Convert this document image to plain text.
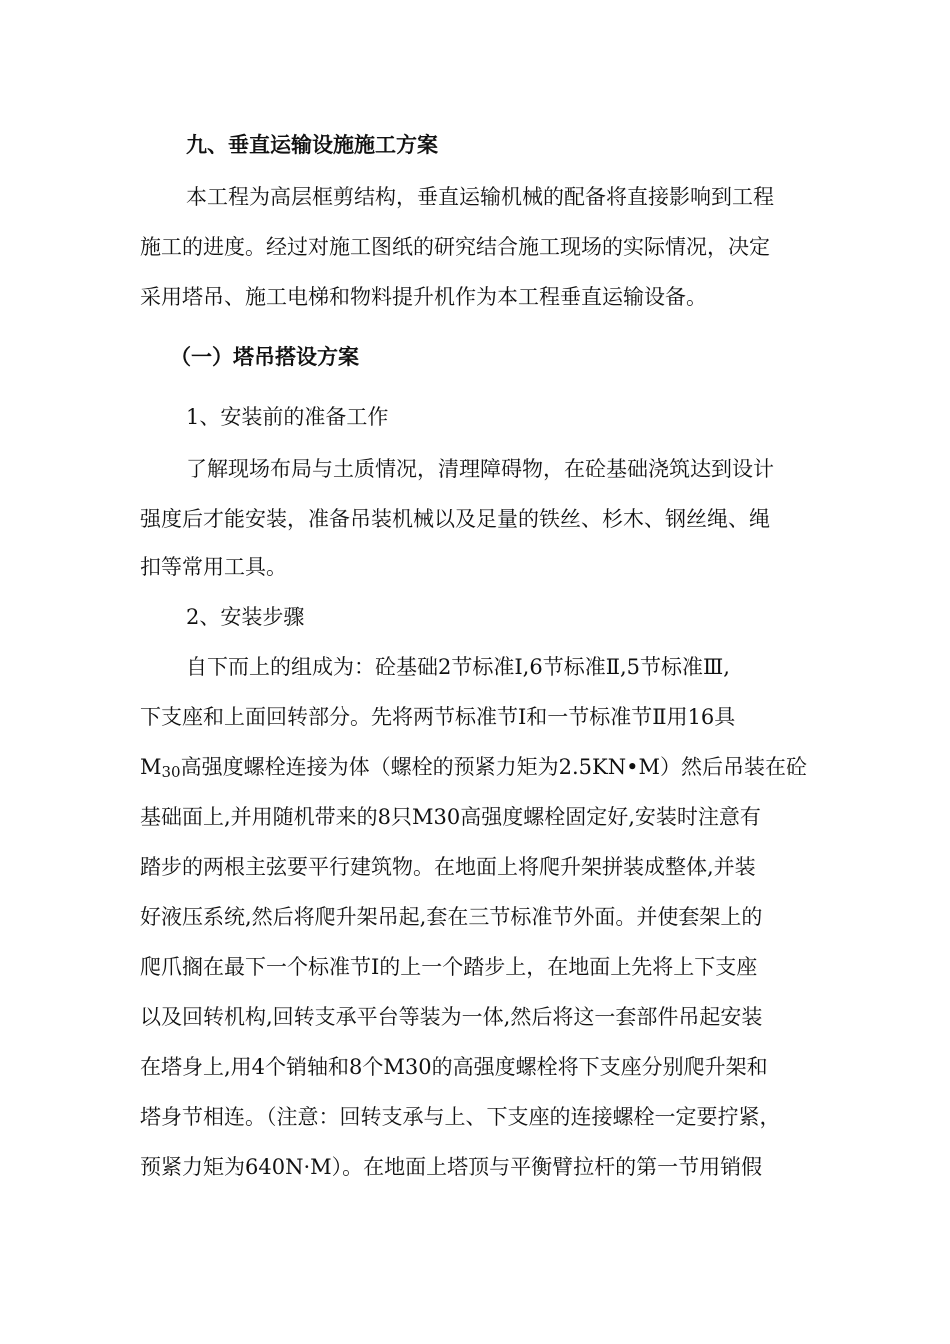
九、垂直运输设施施工方案
本工程为高层框剪结构，垂直运输机械的配备将直接影响到工程
施工的进度。经过对施工图纸的研究结合施工现场的实际情况，决定
采用塔吊、施工电梯和物料提升机作为本工程垂直运输设备。
（一）塔吊搭设方案
1、安装前的准备工作
了解现场布局与土质情况，清理障碍物，在砼基础浇筑达到设计
强度后才能安装，准备吊装机械以及足量的铁丝、杉木、钢丝绳、绳
扣等常用工具。
2、安装步骤
自下而上的组成为：砼基础2节标准Ⅰ,6节标准Ⅱ,5节标准Ⅲ,
下支座和上面回转部分。先将两节标准节Ⅰ和一节标准节Ⅱ用16具
$M_{30}$高强度螺栓连接为体（螺栓的预紧力矩为2.5KN•M）然后吊装在砼
基础面上,并用随机带来的8只M30高强度螺栓固定好,安装时注意有
踏步的两根主弦要平行建筑物。在地面上将爬升架拼装成整体,并装
好液压系统,然后将爬升架吊起,套在三节标准节外面。并使套架上的
爬爪搁在最下一个标准节Ⅰ的上一个踏步上，在地面上先将上下支座
以及回转机构,回转支承平台等装为一体,然后将这一套部件吊起安装
在塔身上,用4个销轴和8个M30的高强度螺栓将下支座分别爬升架和
塔身节相连。（注意：回转支承与上、下支座的连接螺栓一定要拧紧，
预紧力矩为640N·M）。在地面上塔顶与平衡臂拉杆的第一节用销假
